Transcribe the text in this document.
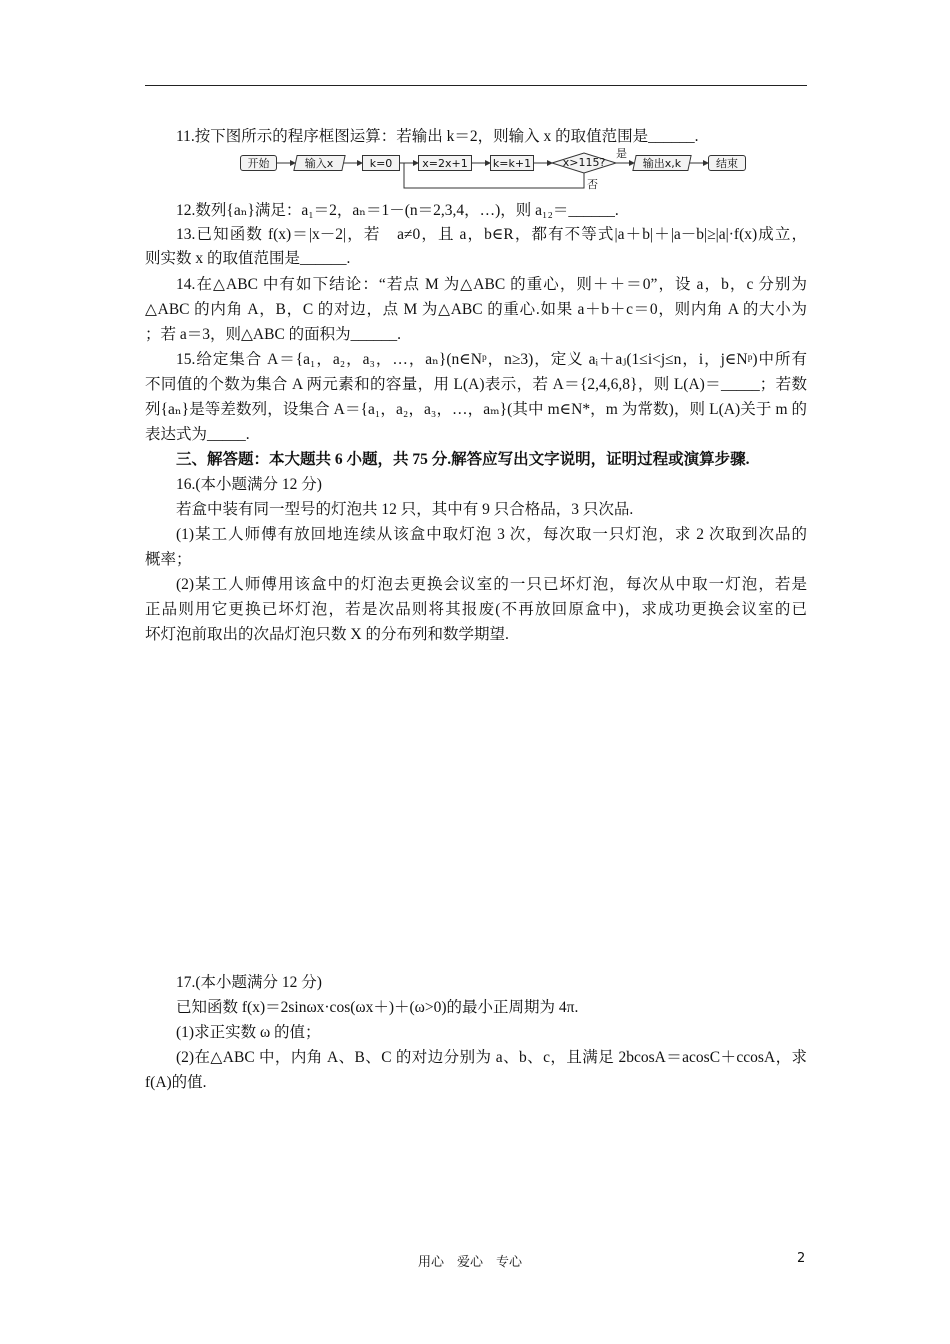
11.按下图所示的程序框图运算：若输出 k＝2，则输入 x 的取值范围是______.
开始	输入x	k=0	x=2x+1	k=k+1	x>115?
是
否
输出x,k	结束
12.数列{aₙ}满足：a₁＝2，aₙ＝1－(n＝2,3,4，…)，则 a₁₂＝______.
13.已知函数 f(x)＝|x－2|，若　a≠0，且 a，b∈R，都有不等式|a＋b|＋|a－b|≥|a|·f(x)成立，
则实数 x 的取值范围是______.
14.在△ABC 中有如下结论：“若点 M 为△ABC 的重心，则＋＋＝0”，设 a，b，c 分别为
△ABC 的内角 A，B，C 的对边，点 M 为△ABC 的重心.如果 a＋b＋c＝0，则内角 A 的大小为
；若 a＝3，则△ABC 的面积为______.
15.给定集合 A＝{a₁，a₂，a₃，…，aₙ}(n∈Nᵖ，n≥3)，定义 aᵢ＋aⱼ(1≤i<j≤n，i，j∈Nᵖ)中所有
不同值的个数为集合 A 两元素和的容量，用 L(A)表示，若 A＝{2,4,6,8}，则 L(A)＝_____；若数
列{aₙ}是等差数列，设集合 A＝{a₁，a₂，a₃，…，aₘ}(其中 m∈N*，m 为常数)，则 L(A)关于 m 的
表达式为_____.
三、解答题：本大题共 6 小题，共 75 分.解答应写出文字说明，证明过程或演算步骤.
16.(本小题满分 12 分)
若盒中装有同一型号的灯泡共 12 只，其中有 9 只合格品，3 只次品.
(1)某工人师傅有放回地连续从该盒中取灯泡 3 次，每次取一只灯泡，求 2 次取到次品的
概率；
(2)某工人师傅用该盒中的灯泡去更换会议室的一只已坏灯泡，每次从中取一灯泡，若是
正品则用它更换已坏灯泡，若是次品则将其报废(不再放回原盒中)，求成功更换会议室的已
坏灯泡前取出的次品灯泡只数 X 的分布列和数学期望.
17.(本小题满分 12 分)
已知函数 f(x)＝2sinωx·cos(ωx＋)＋(ω>0)的最小正周期为 4π.
(1)求正实数 ω 的值；
(2)在△ABC 中，内角 A、B、C 的对边分别为 a、b、c，且满足 2bcosA＝acosC＋ccosA，求
f(A)的值.
用心　爱心　专心	2
